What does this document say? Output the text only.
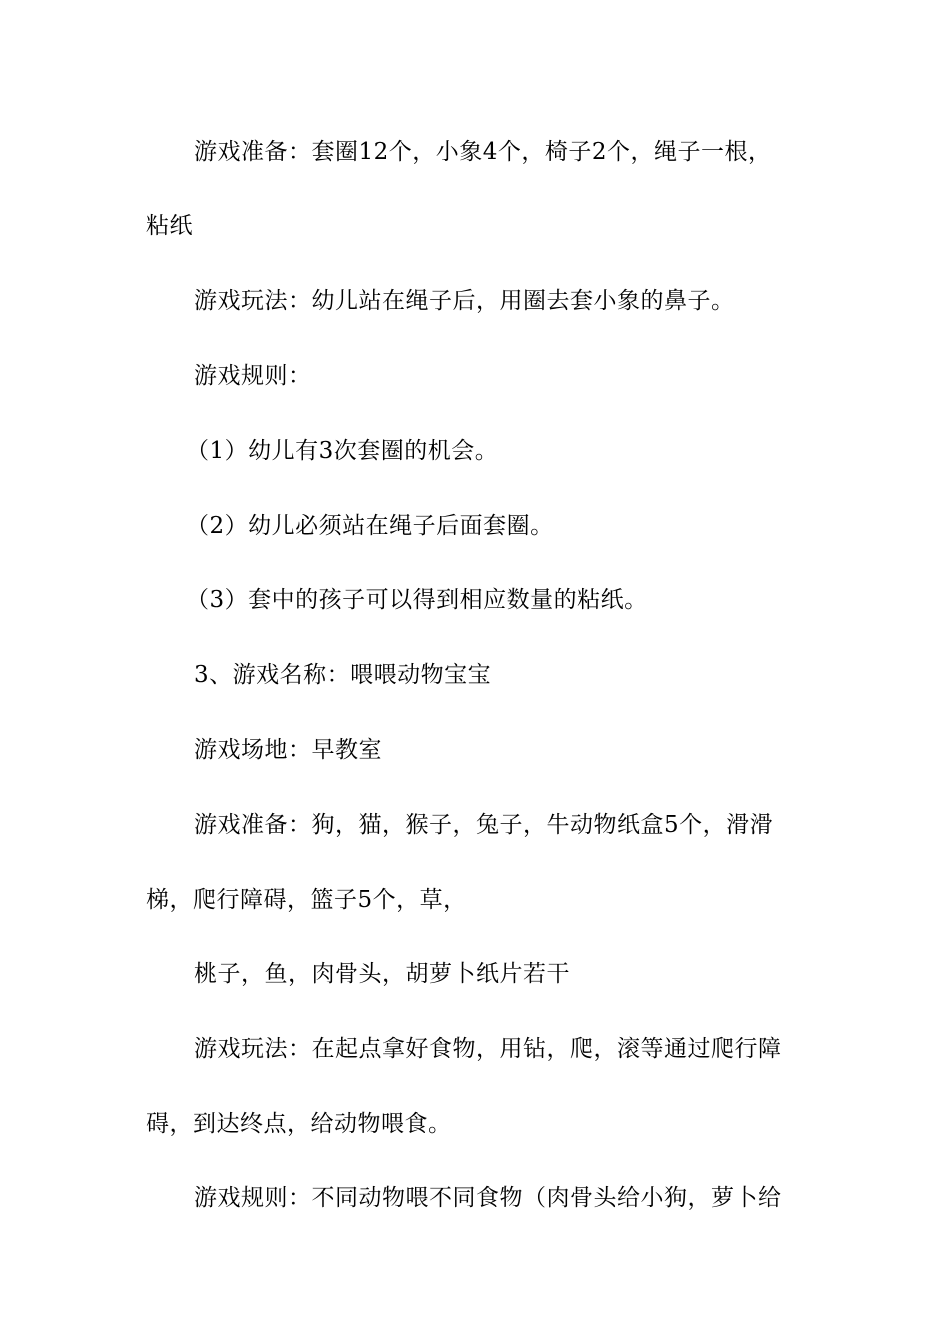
游戏准备：套圈12个，小象4个，椅子2个，绳子一根，
粘纸
游戏玩法：幼儿站在绳子后，用圈去套小象的鼻子。
游戏规则：
（1）幼儿有3次套圈的机会。
（2）幼儿必须站在绳子后面套圈。
（3）套中的孩子可以得到相应数量的粘纸。
3、游戏名称：喂喂动物宝宝
游戏场地：早教室
游戏准备：狗，猫，猴子，兔子，牛动物纸盒5个，滑滑
梯，爬行障碍，篮子5个，草，
桃子，鱼，肉骨头，胡萝卜纸片若干
游戏玩法：在起点拿好食物，用钻，爬，滚等通过爬行障
碍，到达终点，给动物喂食。
游戏规则：不同动物喂不同食物（肉骨头给小狗，萝卜给
